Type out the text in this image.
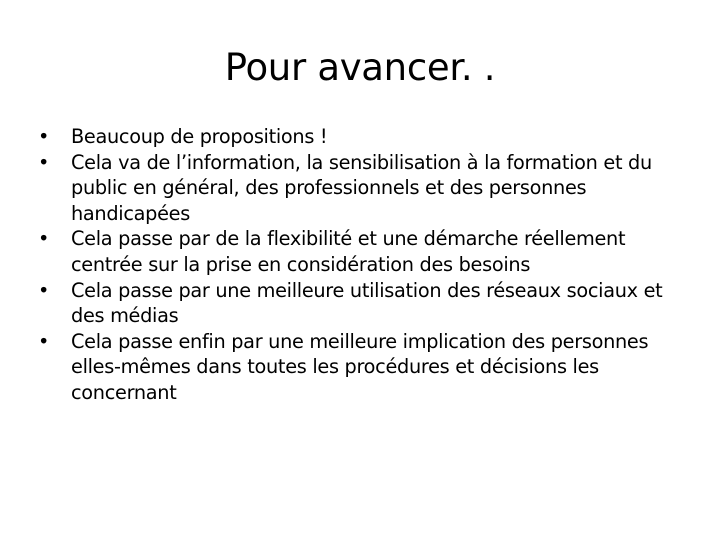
Pour avancer. .
• Beaucoup de propositions !
• Cela va de l’information, la sensibilisation à la formation et du public en général, des professionnels et des personnes handicapées
• Cela passe par de la flexibilité et une démarche réellement centrée sur la prise en considération des besoins
• Cela passe par une meilleure utilisation des réseaux sociaux et des médias
• Cela passe enfin par une meilleure implication des personnes elles-mêmes dans toutes les procédures et décisions les concernant
